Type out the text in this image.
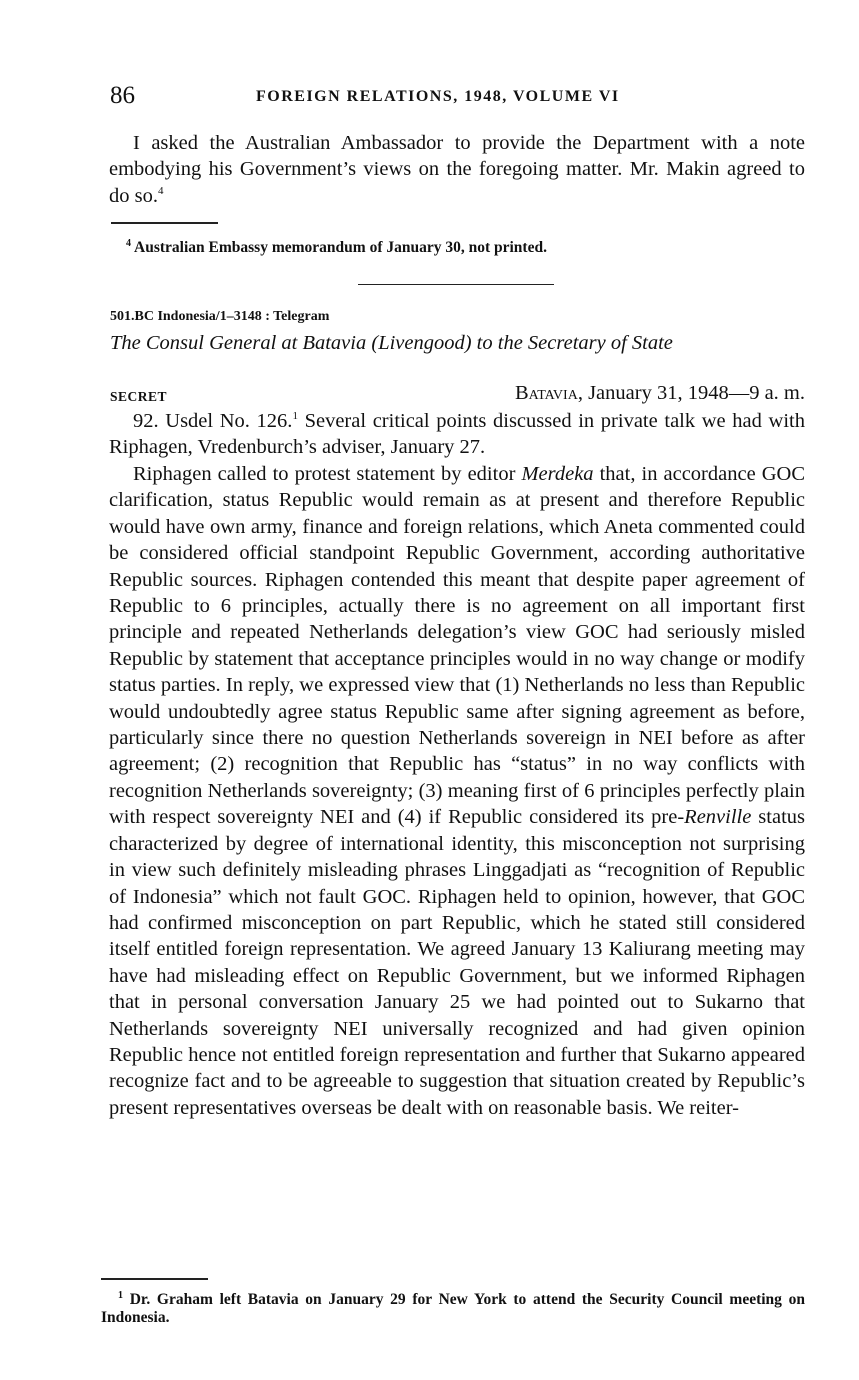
86	FOREIGN RELATIONS, 1948, VOLUME VI

I asked the Australian Ambassador to provide the Department with a note embodying his Government’s views on the foregoing matter. Mr. Makin agreed to do so.$^4$

$^4$ Australian Embassy memorandum of January 30, not printed.

501.BC Indonesia/1–3148 : Telegram
The Consul General at Batavia (Livengood) to the Secretary of State
SECRET	Batavia, January 31, 1948—9 a. m.

92. Usdel No. 126.$^1$ Several critical points discussed in private talk we had with Riphagen, Vredenburch’s adviser, January 27.

Riphagen called to protest statement by editor Merdeka that, in accordance GOC clarification, status Republic would remain as at present and therefore Republic would have own army, finance and foreign relations, which Aneta commented could be considered official standpoint Republic Government, according authoritative Republic sources. Riphagen contended this meant that despite paper agreement of Republic to 6 principles, actually there is no agreement on all important first principle and repeated Netherlands delegation’s view GOC had seriously misled Republic by statement that acceptance principles would in no way change or modify status parties. In reply, we expressed view that (1) Netherlands no less than Republic would undoubtedly agree status Republic same after signing agreement as before, particularly since there no question Netherlands sovereign in NEI before as after agreement; (2) recognition that Republic has “status” in no way conflicts with recognition Netherlands sovereignty; (3) meaning first of 6 principles perfectly plain with respect sovereignty NEI and (4) if Republic considered its pre-Renville status characterized by degree of international identity, this misconception not surprising in view such definitely misleading phrases Linggadjati as “recognition of Republic of Indonesia” which not fault GOC. Riphagen held to opinion, however, that GOC had confirmed misconception on part Republic, which he stated still considered itself entitled foreign representation. We agreed January 13 Kaliurang meeting may have had misleading effect on Republic Government, but we informed Riphagen that in personal conversation January 25 we had pointed out to Sukarno that Netherlands sovereignty NEI universally recognized and had given opinion Republic hence not entitled foreign representation and further that Sukarno appeared recognize fact and to be agreeable to suggestion that situation created by Republic’s present representatives overseas be dealt with on reasonable basis. We reiter-

$^1$ Dr. Graham left Batavia on January 29 for New York to attend the Security Council meeting on Indonesia.
